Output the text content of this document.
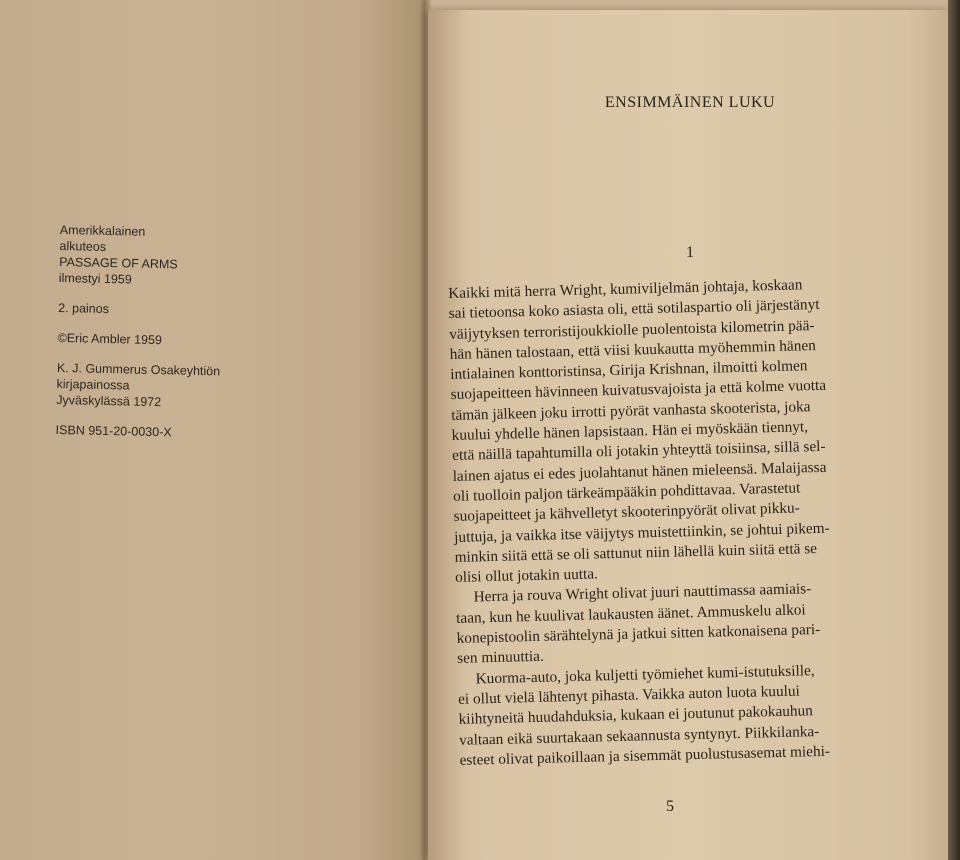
Amerikkalainen
alkuteos
PASSAGE OF ARMS
ilmestyi 1959
2. painos
©Eric Ambler 1959
K. J. Gummerus Osakeyhtiön
kirjapainossa
Jyväskylässä 1972
ISBN 951-20-0030-X
ENSIMMÄINEN LUKU
1
Kaikki mitä herra Wright, kumiviljelmän johtaja, koskaan
sai tietoonsa koko asiasta oli, että sotilaspartio oli järjestänyt
väijytyksen terroristijoukkiolle puolentoista kilometrin pää-
hän hänen talostaan, että viisi kuukautta myöhemmin hänen
intialainen konttoristinsa, Girija Krishnan, ilmoitti kolmen
suojapeitteen hävinneen kuivatusvajoista ja että kolme vuotta
tämän jälkeen joku irrotti pyörät vanhasta skooterista, joka
kuului yhdelle hänen lapsistaan. Hän ei myöskään tiennyt,
että näillä tapahtumilla oli jotakin yhteyttä toisiinsa, sillä sel-
lainen ajatus ei edes juolahtanut hänen mieleensä. Malaijassa
oli tuolloin paljon tärkeämpääkin pohdittavaa. Varastetut
suojapeitteet ja kähvelletyt skooterinpyörät olivat pikku-
juttuja, ja vaikka itse väijytys muistettiinkin, se johtui pikem-
minkin siitä että se oli sattunut niin lähellä kuin siitä että se
olisi ollut jotakin uutta.
Herra ja rouva Wright olivat juuri nauttimassa aamiais-
taan, kun he kuulivat laukausten äänet. Ammuskelu alkoi
konepistoolin särähtelynä ja jatkui sitten katkonaisena pari-
sen minuuttia.
Kuorma-auto, joka kuljetti työmiehet kumi-istutuksille,
ei ollut vielä lähtenyt pihasta. Vaikka auton luota kuului
kiihtyneitä huudahduksia, kukaan ei joutunut pakokauhun
valtaan eikä suurtakaan sekaannusta syntynyt. Piikkilanka-
esteet olivat paikoillaan ja sisemmät puolustusasemat miehi-
5
